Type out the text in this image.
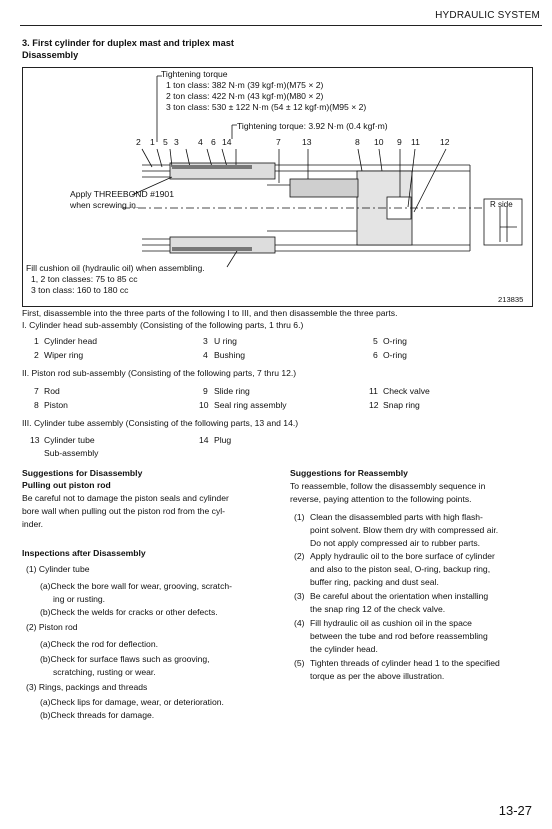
HYDRAULIC SYSTEM
3. First cylinder for duplex mast and triplex mast
Disassembly
Tightening torque
1 ton class: 382 N·m (39 kgf·m)(M75 × 2)
2 ton class: 422 N·m (43 kgf·m)(M80 × 2)
3 ton class: 530 ± 122 N·m (54 ± 12 kgf·m)(M95 × 2)
Tightening torque: 3.92 N·m (0.4 kgf·m)
2 1 5 3 4 6 14	7 13	8 10 9 11 12
Apply THREEBOND #1901
when screwing in.	R side
Fill cushion oil (hydraulic oil) when assembling.
1, 2 ton classes: 75 to 85 cc
3 ton class: 160 to 180 cc
213835
First, disassemble into the three parts of the following I to III, and then disassemble the three parts.
I. Cylinder head sub-assembly (Consisting of the following parts, 1 thru 6.)
1 Cylinder head	3 U ring	5 O-ring
2 Wiper ring	4 Bushing	6 O-ring
II. Piston rod sub-assembly (Consisting of the following parts, 7 thru 12.)
7 Rod	9 Slide ring	11 Check valve
8 Piston	10 Seal ring assembly	12 Snap ring
III. Cylinder tube assembly (Consisting of the following parts, 13 and 14.)
13 Cylinder tube	14 Plug
Sub-assembly
Suggestions for Disassembly
Pulling out piston rod
Be careful not to damage the piston seals and cylinder
bore wall when pulling out the piston rod from the cyl-
inder.
Inspections after Disassembly
(1) Cylinder tube
(a)Check the bore wall for wear, grooving, scratch-
ing or rusting.
(b)Check the welds for cracks or other defects.
(2) Piston rod
(a)Check the rod for deflection.
(b)Check for surface flaws such as grooving,
scratching, rusting or wear.
(3) Rings, packings and threads
(a)Check lips for damage, wear, or deterioration.
(b)Check threads for damage.
Suggestions for Reassembly
To reassemble, follow the disassembly sequence in
reverse, paying attention to the following points.
(1) Clean the disassembled parts with high flash-
point solvent. Blow them dry with compressed air.
Do not apply compressed air to rubber parts.
(2) Apply hydraulic oil to the bore surface of cylinder
and also to the piston seal, O-ring, backup ring,
buffer ring, packing and dust seal.
(3) Be careful about the orientation when installing
the snap ring 12 of the check valve.
(4) Fill hydraulic oil as cushion oil in the space
between the tube and rod before reassembling
the cylinder head.
(5) Tighten threads of cylinder head 1 to the specified
torque as per the above illustration.
13-27
